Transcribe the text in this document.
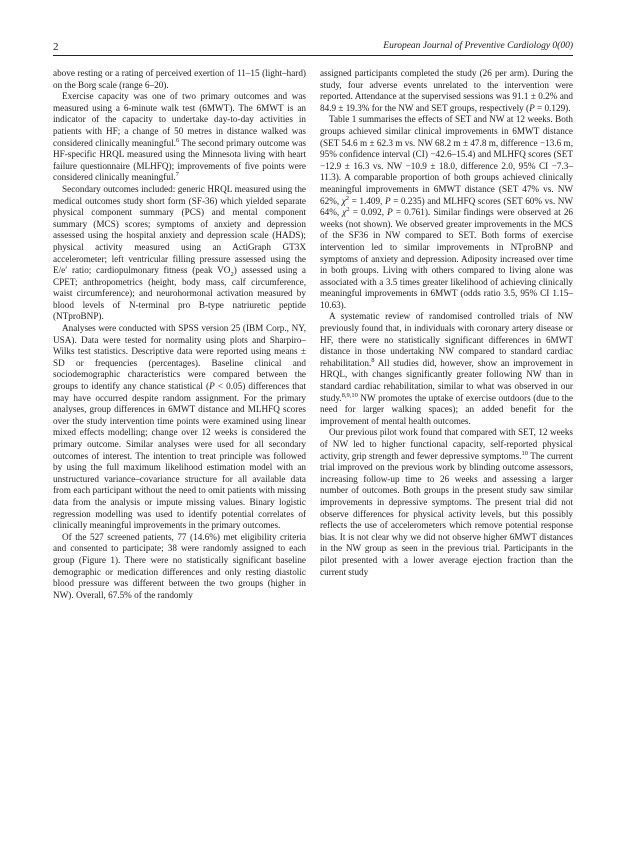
2	European Journal of Preventive Cardiology 0(00)

above resting or a rating of perceived exertion of 11–15 (light–hard) on the Borg scale (range 6–20).

Exercise capacity was one of two primary outcomes and was measured using a 6-minute walk test (6MWT). The 6MWT is an indicator of the capacity to undertake day-to-day activities in patients with HF; a change of 50 metres in distance walked was considered clinically meaningful.$^6$ The second primary outcome was HF-specific HRQL measured using the Minnesota living with heart failure questionnaire (MLHFQ); improvements of five points were considered clinically meaningful.$^7$

Secondary outcomes included: generic HRQL measured using the medical outcomes study short form (SF-36) which yielded separate physical component summary (PCS) and mental component summary (MCS) scores; symptoms of anxiety and depression assessed using the hospital anxiety and depression scale (HADS); physical activity measured using an ActiGraph GT3X accelerometer; left ventricular filling pressure assessed using the E/e′ ratio; cardiopulmonary fitness (peak $VO_2$) assessed using a CPET; anthropometrics (height, body mass, calf circumference, waist circumference); and neurohormonal activation measured by blood levels of N-terminal pro B-type natriuretic peptide (NTproBNP).

Analyses were conducted with SPSS version 25 (IBM Corp., NY, USA). Data were tested for normality using plots and Sharpiro–Wilks test statistics. Descriptive data were reported using means ± SD or frequencies (percentages). Baseline clinical and sociodemographic characteristics were compared between the groups to identify any chance statistical (P < 0.05) differences that may have occurred despite random assignment. For the primary analyses, group differences in 6MWT distance and MLHFQ scores over the study intervention time points were examined using linear mixed effects modelling; change over 12 weeks is considered the primary outcome. Similar analyses were used for all secondary outcomes of interest. The intention to treat principle was followed by using the full maximum likelihood estimation model with an unstructured variance–covariance structure for all available data from each participant without the need to omit patients with missing data from the analysis or impute missing values. Binary logistic regression modelling was used to identify potential correlates of clinically meaningful improvements in the primary outcomes.

Of the 527 screened patients, 77 (14.6%) met eligibility criteria and consented to participate; 38 were randomly assigned to each group (Figure 1). There were no statistically significant baseline demographic or medication differences and only resting diastolic blood pressure was different between the two groups (higher in NW). Overall, 67.5% of the randomly

assigned participants completed the study (26 per arm). During the study, four adverse events unrelated to the intervention were reported. Attendance at the supervised sessions was 91.1 ± 0.2% and 84.9 ± 19.3% for the NW and SET groups, respectively (P = 0.129).

Table 1 summarises the effects of SET and NW at 12 weeks. Both groups achieved similar clinical improvements in 6MWT distance (SET 54.6 m ± 62.3 m vs. NW 68.2 m ± 47.8 m, difference −13.6 m, 95% confidence interval (CI) −42.6–15.4) and MLHFQ scores (SET −12.9 ± 16.3 vs. NW −10.9 ± 18.0, difference 2.0, 95% CI −7.3–11.3). A comparable proportion of both groups achieved clinically meaningful improvements in 6MWT distance (SET 47% vs. NW 62%, $\chi^2 = 1.409$, P = 0.235) and MLHFQ scores (SET 60% vs. NW 64%, $\chi^2 = 0.092$, P = 0.761). Similar findings were observed at 26 weeks (not shown). We observed greater improvements in the MCS of the SF36 in NW compared to SET. Both forms of exercise intervention led to similar improvements in NTproBNP and symptoms of anxiety and depression. Adiposity increased over time in both groups. Living with others compared to living alone was associated with a 3.5 times greater likelihood of achieving clinically meaningful improvements in 6MWT (odds ratio 3.5, 95% CI 1.15–10.63).

A systematic review of randomised controlled trials of NW previously found that, in individuals with coronary artery disease or HF, there were no statistically significant differences in 6MWT distance in those undertaking NW compared to standard cardiac rehabilitation.$^8$ All studies did, however, show an improvement in HRQL, with changes significantly greater following NW than in standard cardiac rehabilitation, similar to what was observed in our study.$^{8,9,10}$ NW promotes the uptake of exercise outdoors (due to the need for larger walking spaces); an added benefit for the improvement of mental health outcomes.

Our previous pilot work found that compared with SET, 12 weeks of NW led to higher functional capacity, self-reported physical activity, grip strength and fewer depressive symptoms.$^{10}$ The current trial improved on the previous work by blinding outcome assessors, increasing follow-up time to 26 weeks and assessing a larger number of outcomes. Both groups in the present study saw similar improvements in depressive symptoms. The present trial did not observe differences for physical activity levels, but this possibly reflects the use of accelerometers which remove potential response bias. It is not clear why we did not observe higher 6MWT distances in the NW group as seen in the previous trial. Participants in the pilot presented with a lower average ejection fraction than the current study
